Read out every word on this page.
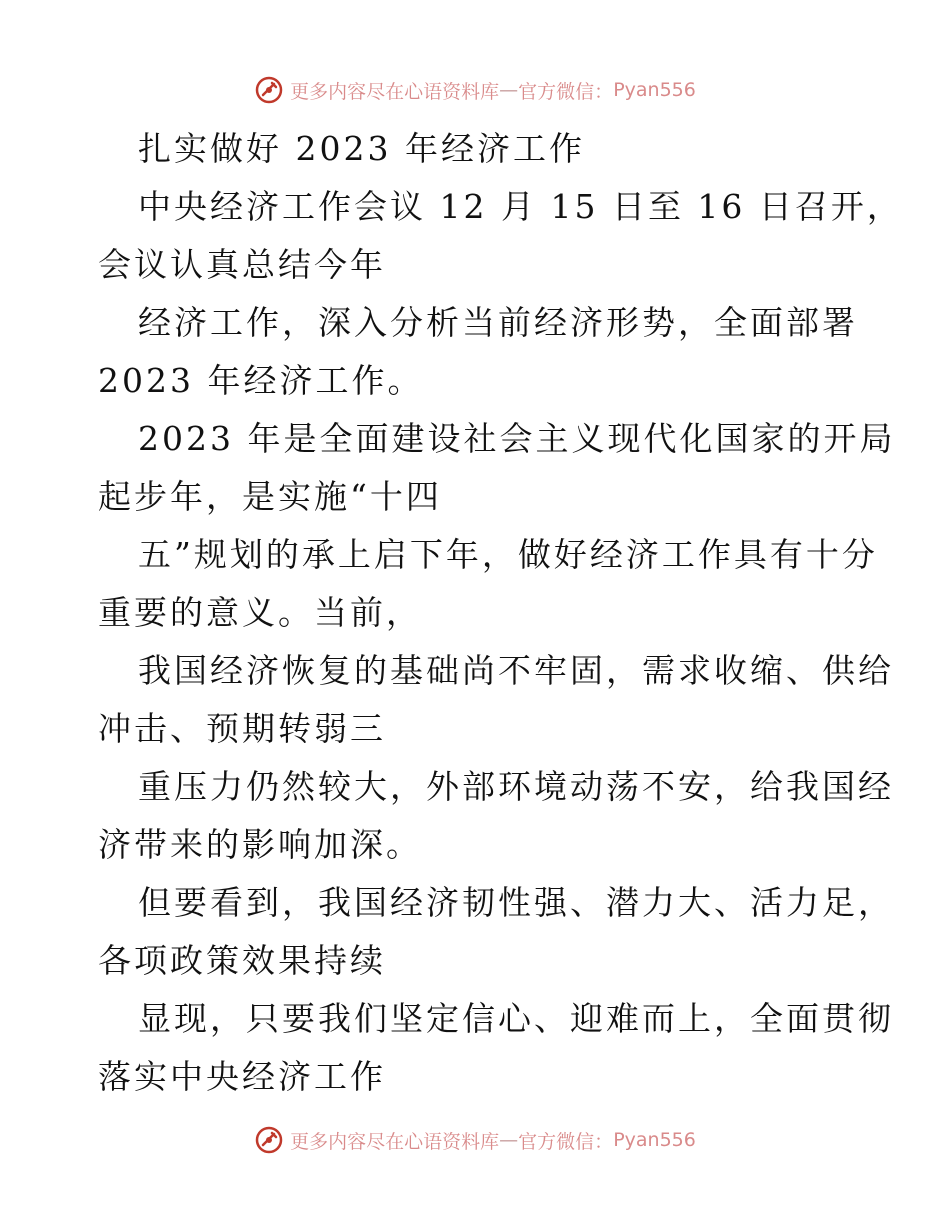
更多内容尽在心语资料库 — 官方微信： Pyan556
扎实做好 2023 年经济工作
中央经济工作会议 12 月 15 日至 16 日召开，
会议认真总结今年
经济工作，深入分析当前经济形势，全面部署
2023 年经济工作。
2023 年是全面建设社会主义现代化国家的开局
起步年，是实施“十四
五”规划的承上启下年，做好经济工作具有十分
重要的意义。当前，
我国经济恢复的基础尚不牢固，需求收缩、供给
冲击、预期转弱三
重压力仍然较大，外部环境动荡不安，给我国经
济带来的影响加深。
但要看到，我国经济韧性强、潜力大、活力足，
各项政策效果持续
显现，只要我们坚定信心、迎难而上，全面贯彻
落实中央经济工作
更多内容尽在心语资料库 — 官方微信： Pyan556
